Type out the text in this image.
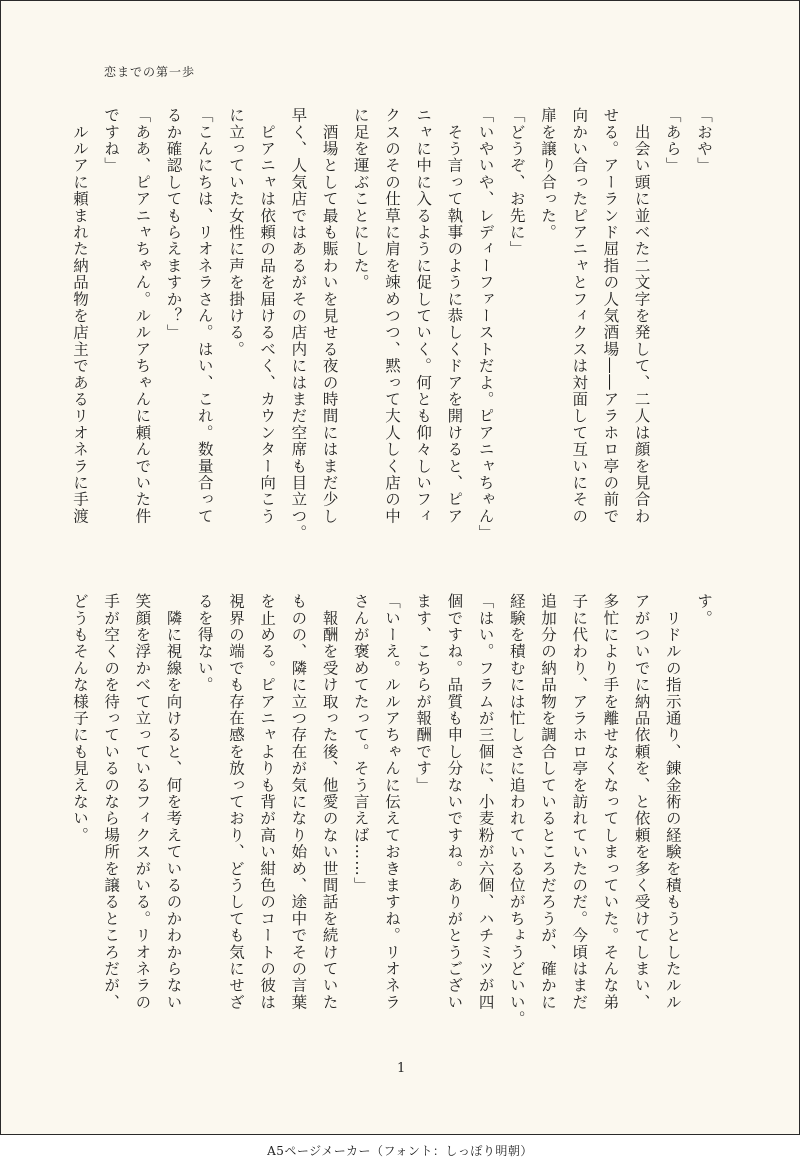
恋までの第一歩

「おや」

「あら」

　出会い頭に並べた二文字を発して、二人は顔を見合わ

せる。アーランド屈指の人気酒場――アラホロ亭の前で

向かい合ったピアニャとフィクスは対面して互いにその

扉を譲り合った。

「どうぞ、お先に」

「いやいや、レディーファーストだよ。ピアニャちゃん」

　そう言って執事のように恭しくドアを開けると、ピア

ニャに中に入るように促していく。何とも仰々しいフィ

クスのその仕草に肩を竦めつつ、黙って大人しく店の中

に足を運ぶことにした。

　酒場として最も賑わいを見せる夜の時間にはまだ少し

早く、人気店ではあるがその店内にはまだ空席も目立つ。

　ピアニャは依頼の品を届けるべく、カウンター向こう

に立っていた女性に声を掛ける。

「こんにちは、リオネラさん。はい、これ。数量合って

るか確認してもらえますか？」

「ああ、ピアニャちゃん。ルルアちゃんに頼んでいた件

ですね」

　ルルアに頼まれた納品物を店主であるリオネラに手渡

す。

　リドルの指示通り、錬金術の経験を積もうとしたルル

アがついでに納品依頼を、と依頼を多く受けてしまい、

多忙により手を離せなくなってしまっていた。そんな弟

子に代わり、アラホロ亭を訪れていたのだ。今頃はまだ

追加分の納品物を調合しているところだろうが、確かに

経験を積むには忙しさに追われている位がちょうどいい。

「はい。フラムが三個に、小麦粉が六個、ハチミツが四

個ですね。品質も申し分ないですね。ありがとうござい

ます、こちらが報酬です」

「いーえ。ルルアちゃんに伝えておきますね。リオネラ

さんが褒めてたって。そう言えば……」

　報酬を受け取った後、他愛のない世間話を続けていた

ものの、隣に立つ存在が気になり始め、途中でその言葉

を止める。ピアニャよりも背が高い紺色のコートの彼は

視界の端でも存在感を放っており、どうしても気にせざ

るを得ない。

　隣に視線を向けると、何を考えているのかわからない

笑顔を浮かべて立っているフィクスがいる。リオネラの

手が空くのを待っているのなら場所を譲るところだが、

どうもそんな様子にも見えない。

1
A5ページメーカー（フォント：しっぽり明朝）
